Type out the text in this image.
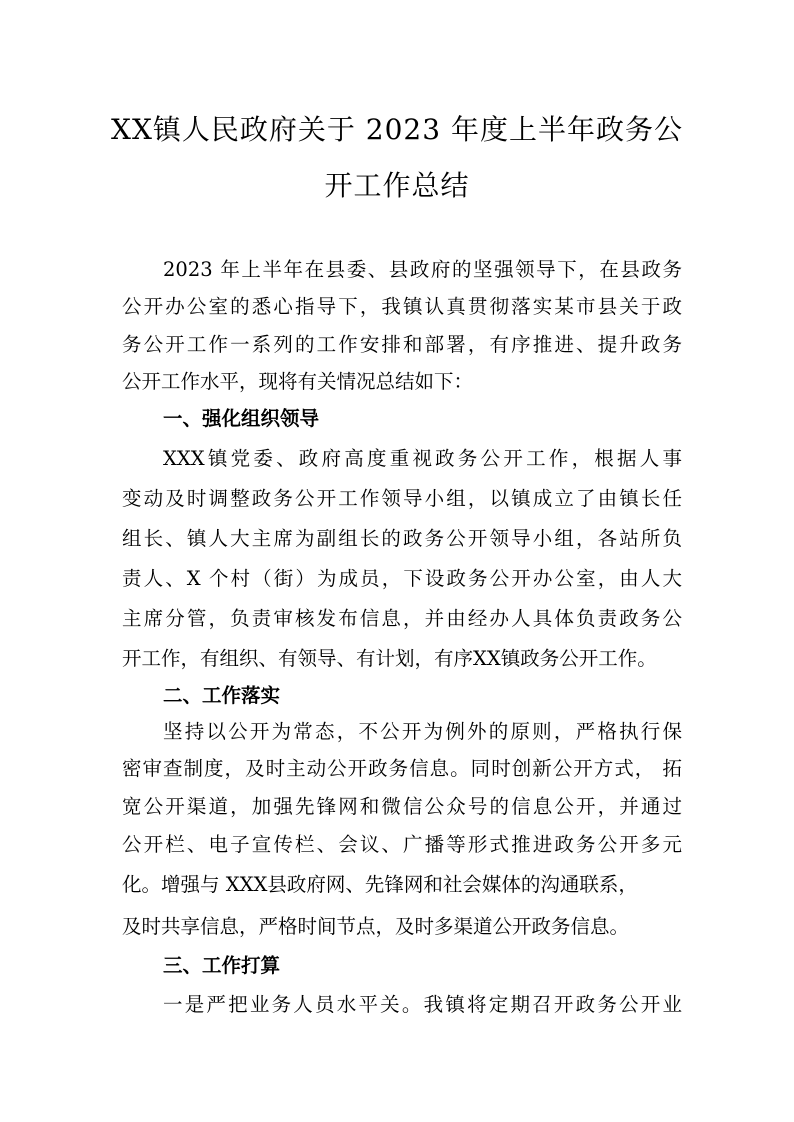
XX镇人民政府关于 2023 年度上半年政务公
开工作总结

2023 年上半年在县委、县政府的坚强领导下，在县政务

公开办公室的悉心指导下，我镇认真贯彻落实某市县关于政

务公开工作一系列的工作安排和部署，有序推进、提升政务

公开工作水平，现将有关情况总结如下：

一、强化组织领导

XXX镇党委、政府高度重视政务公开工作，根据人事

变动及时调整政务公开工作领导小组，以镇成立了由镇长任

组长、镇人大主席为副组长的政务公开领导小组，各站所负

责人、X 个村（街）为成员，下设政务公开办公室，由人大

主席分管，负责审核发布信息，并由经办人具体负责政务公

开工作，有组织、有领导、有计划，有序XX镇政务公开工作。

二、工作落实

坚持以公开为常态，不公开为例外的原则，严格执行保

密审查制度，及时主动公开政务信息。同时创新公开方式， 拓

宽公开渠道，加强先锋网和微信公众号的信息公开，并通过

公开栏、电子宣传栏、会议、广播等形式推进政务公开多元

化。增强与 XXX县政府网、先锋网和社会媒体的沟通联系，

及时共享信息，严格时间节点，及时多渠道公开政务信息。

三、工作打算

一是严把业务人员水平关。我镇将定期召开政务公开业
